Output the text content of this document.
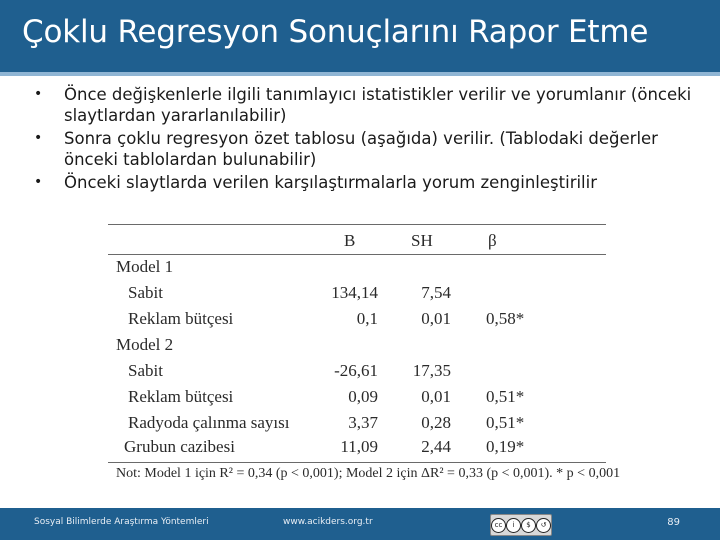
Çoklu Regresyon Sonuçlarını Rapor Etme
• Önce değişkenlerle ilgili tanımlayıcı istatistikler verilir ve yorumlanır (önceki slaytlardan yararlanılabilir)
• Sonra çoklu regresyon özet tablosu (aşağıda) verilir. (Tablodaki değerler önceki tablolardan bulunabilir)
• Önceki slaytlarda verilen karşılaştırmalarla yorum zenginleştirilir
B	SH	β
Model 1
Sabit	134,14	7,54
Reklam bütçesi	0,1	0,01 0,58*
Model 2
Sabit	-26,61 17,35
Reklam bütçesi	0,09	0,01 0,51*
Radyoda çalınma sayısı	3,37	0,28 0,51*
Grubun cazibesi	11,09	2,44 0,19*
Not: Model 1 için R² = 0,34 (p < 0,001); Model 2 için ΔR² = 0,33 (p < 0,001). * p < 0,001
Sosyal Bilimlerde Araştırma Yöntemleri	www.acikders.org.tr	cc	i	$	↺	89
